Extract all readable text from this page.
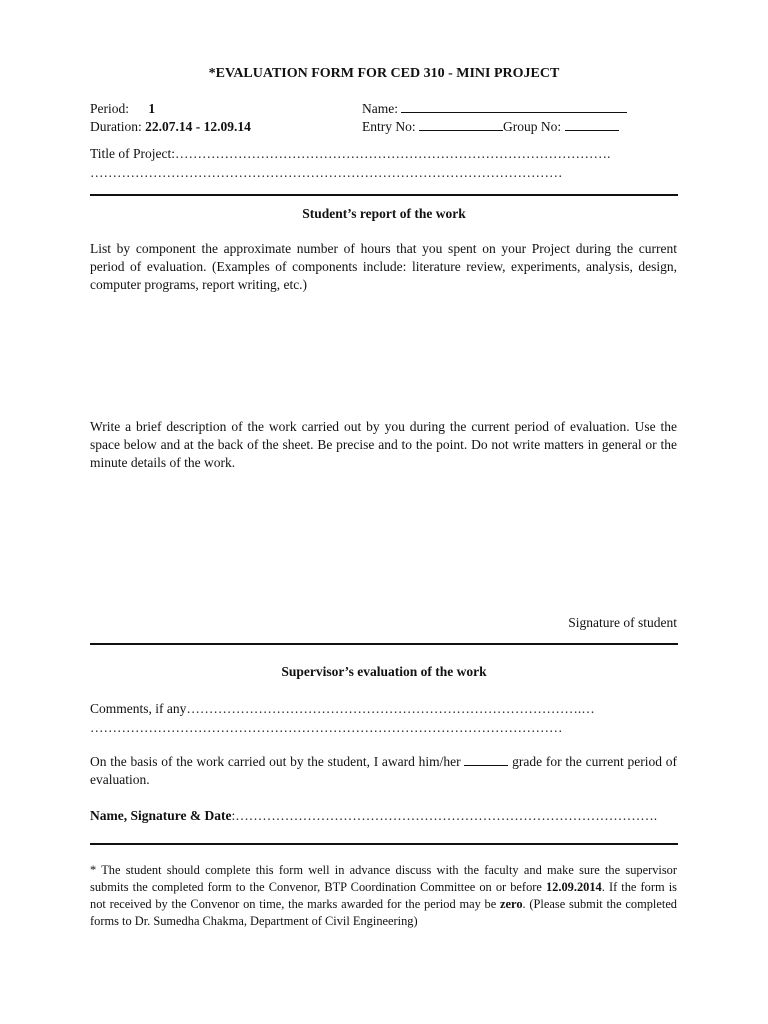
*EVALUATION FORM FOR CED 310 - MINI PROJECT
Period: 1	Name:
Duration: 22.07.14 - 12.09.14	Entry No:	Group No:
Title of Project:…………………………………………………………………………………….
……………………………………………………………………………………………
Student’s report of the work
List by component the approximate number of hours that you spent on your Project during the current period of evaluation. (Examples of components include: literature review, experiments, analysis, design, computer programs, report writing, etc.)
Write a brief description of the work carried out by you during the current period of evaluation. Use the space below and at the back of the sheet. Be precise and to the point. Do not write matters in general or the minute details of the work.
Signature of student
Supervisor’s evaluation of the work
Comments, if any…………………………………………………………………………….…
……………………………………………………………………………………………
On the basis of the work carried out by the student, I award him/her	grade for the current period of evaluation.
Name, Signature & Date:………………………………………………………………………………….
* The student should complete this form well in advance discuss with the faculty and make sure the supervisor submits the completed form to the Convenor, BTP Coordination Committee on or before 12.09.2014. If the form is not received by the Convenor on time, the marks awarded for the period may be zero. (Please submit the completed forms to Dr. Sumedha Chakma, Department of Civil Engineering)
